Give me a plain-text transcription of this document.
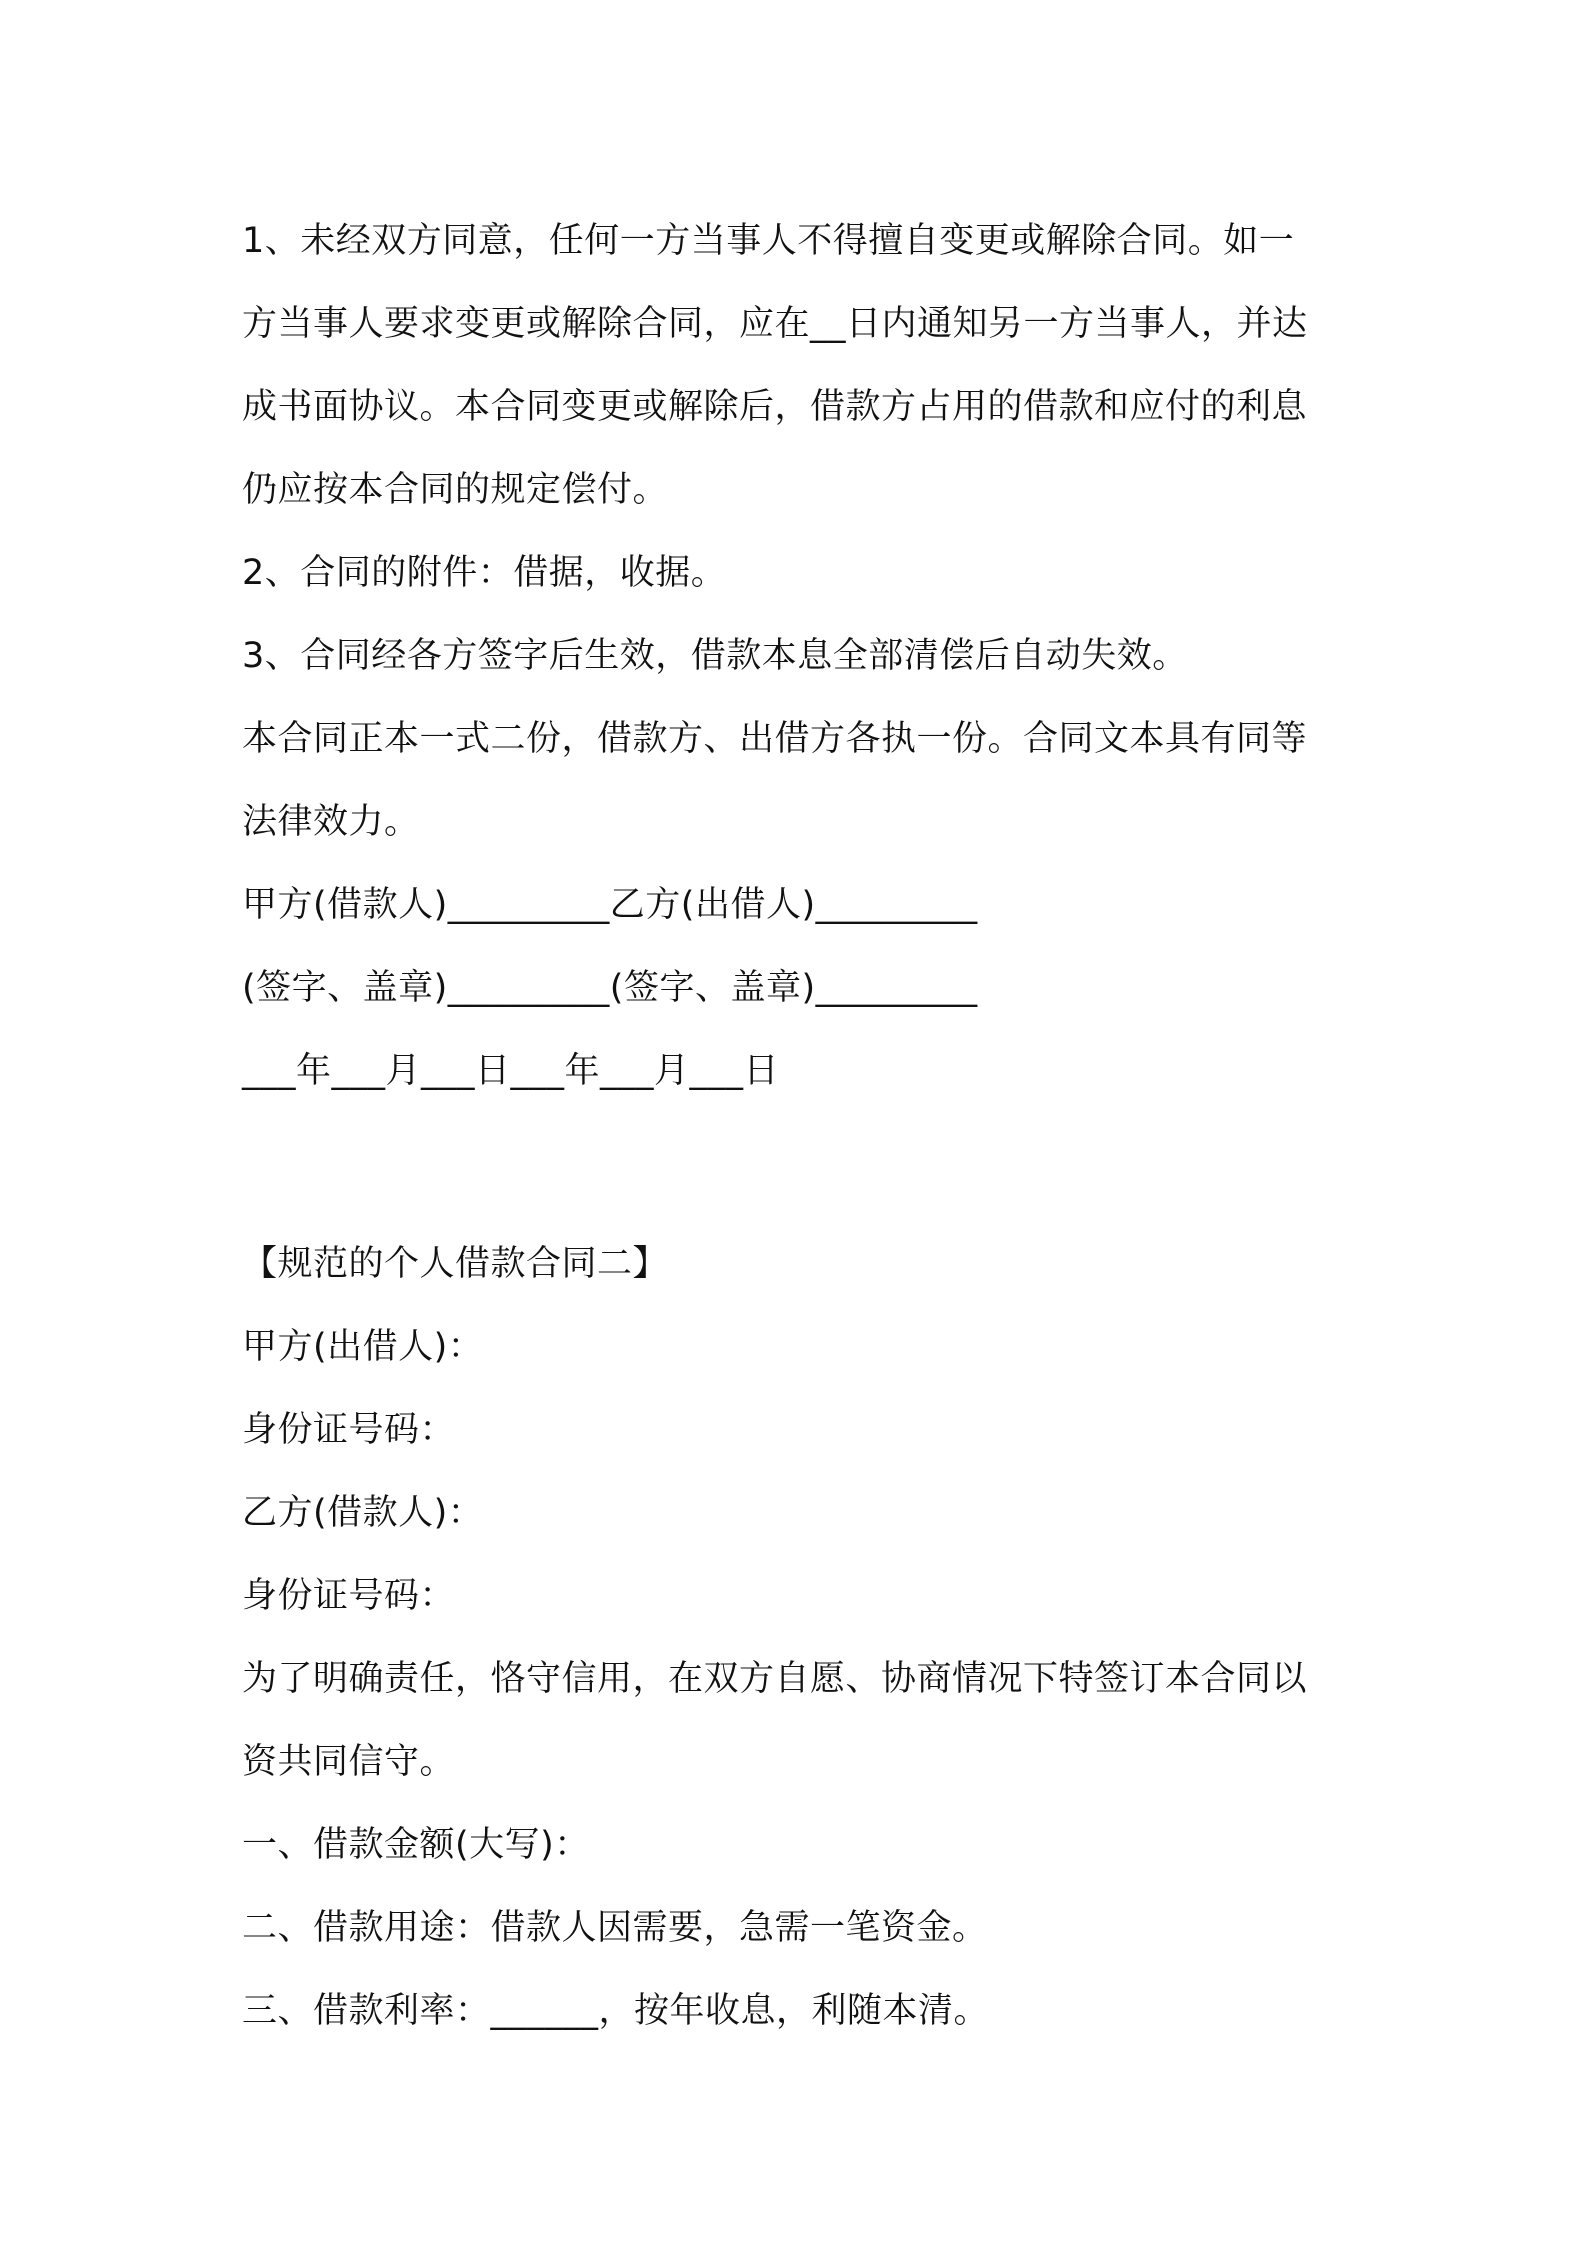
1、未经双方同意，任何一方当事人不得擅自变更或解除合同。如一
方当事人要求变更或解除合同，应在__日内通知另一方当事人，并达
成书面协议。本合同变更或解除后，借款方占用的借款和应付的利息
仍应按本合同的规定偿付。
2、合同的附件：借据，收据。
3、合同经各方签字后生效，借款本息全部清偿后自动失效。
本合同正本一式二份，借款方、出借方各执一份。合同文本具有同等
法律效力。
甲方(借款人)_________乙方(出借人)_________
(签字、盖章)_________(签字、盖章)_________
___年___月___日___年___月___日
【规范的个人借款合同二】
甲方(出借人)：
身份证号码：
乙方(借款人)：
身份证号码：
为了明确责任，恪守信用，在双方自愿、协商情况下特签订本合同以
资共同信守。
一、借款金额(大写)：
二、借款用途：借款人因需要，急需一笔资金。
三、借款利率：______，按年收息，利随本清。
